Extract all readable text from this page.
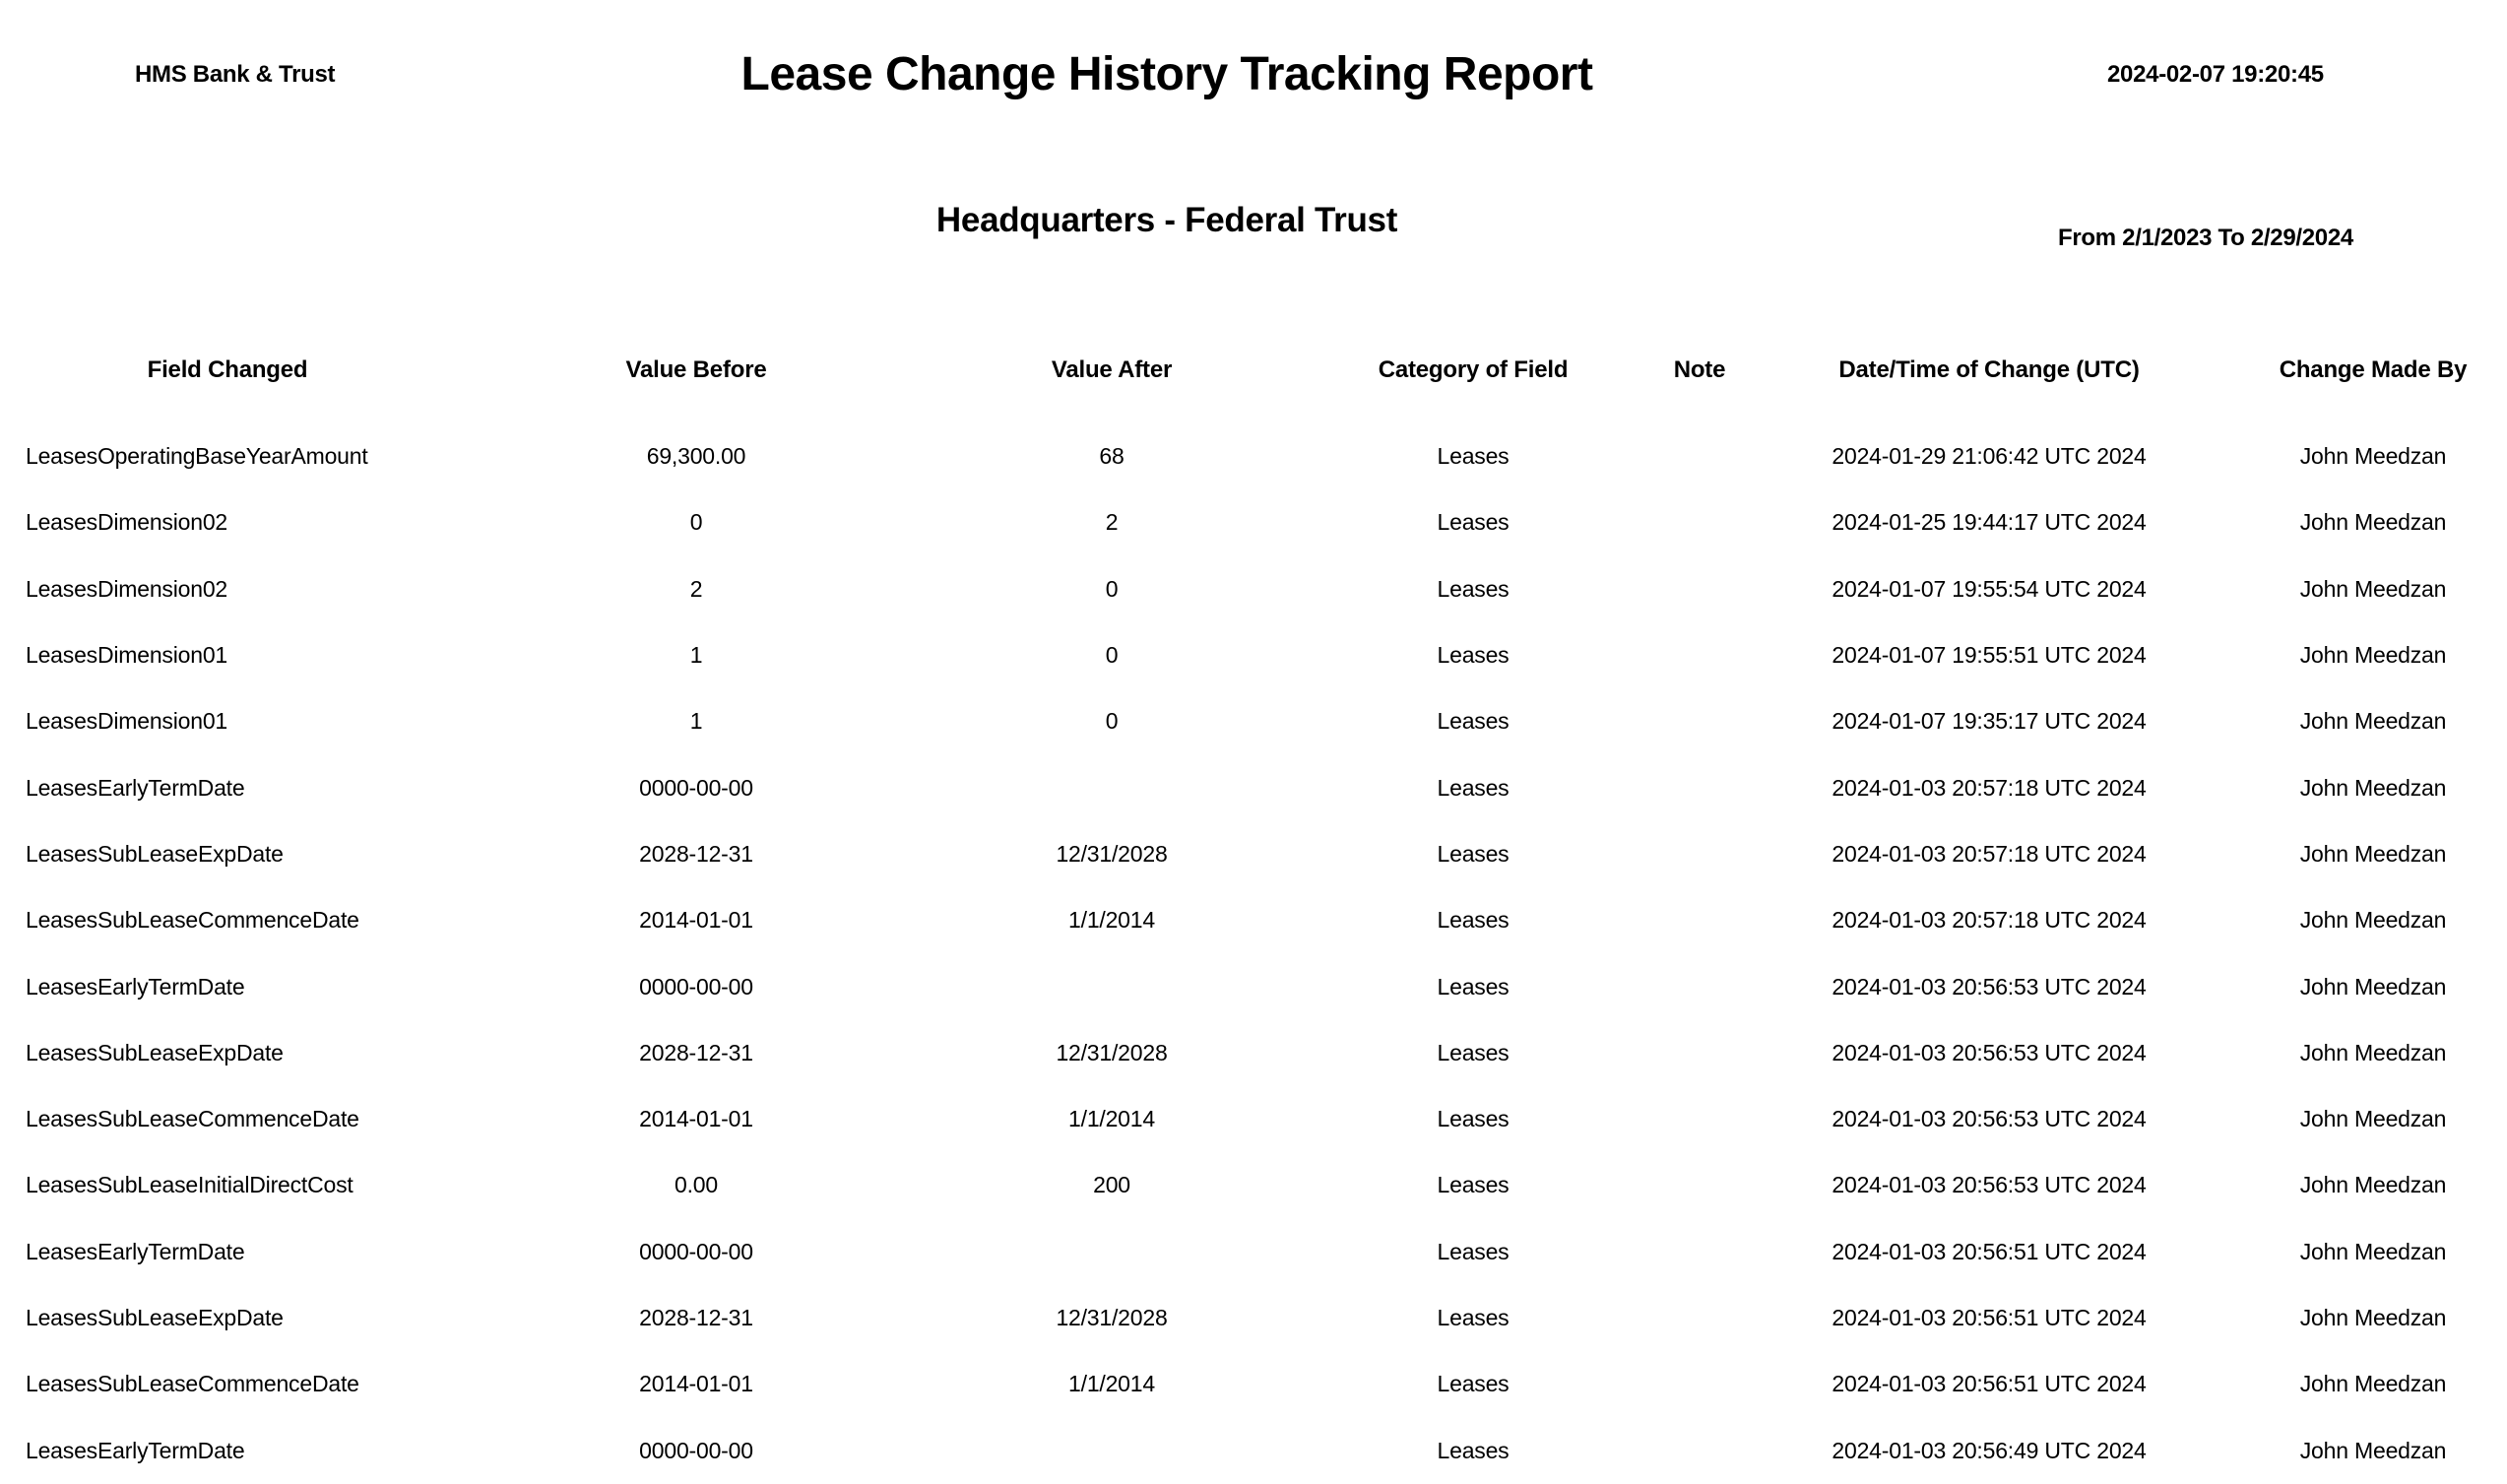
HMS Bank & Trust	Lease Change History Tracking Report	2024-02-07 19:20:45
Headquarters - Federal Trust	From 2/1/2023 To 2/29/2024
Field Changed	Value Before	Value After	Category of Field	Note	Date/Time of Change (UTC)	Change Made By
LeasesOperatingBaseYearAmount	69,300.00	68	Leases		2024-01-29 21:06:42 UTC 2024	John Meedzan
LeasesDimension02	0	2	Leases		2024-01-25 19:44:17 UTC 2024	John Meedzan
LeasesDimension02	2	0	Leases		2024-01-07 19:55:54 UTC 2024	John Meedzan
LeasesDimension01	1	0	Leases		2024-01-07 19:55:51 UTC 2024	John Meedzan
LeasesDimension01	1	0	Leases		2024-01-07 19:35:17 UTC 2024	John Meedzan
LeasesEarlyTermDate	0000-00-00		Leases		2024-01-03 20:57:18 UTC 2024	John Meedzan
LeasesSubLeaseExpDate	2028-12-31	12/31/2028	Leases		2024-01-03 20:57:18 UTC 2024	John Meedzan
LeasesSubLeaseCommenceDate	2014-01-01	1/1/2014	Leases		2024-01-03 20:57:18 UTC 2024	John Meedzan
LeasesEarlyTermDate	0000-00-00		Leases		2024-01-03 20:56:53 UTC 2024	John Meedzan
LeasesSubLeaseExpDate	2028-12-31	12/31/2028	Leases		2024-01-03 20:56:53 UTC 2024	John Meedzan
LeasesSubLeaseCommenceDate	2014-01-01	1/1/2014	Leases		2024-01-03 20:56:53 UTC 2024	John Meedzan
LeasesSubLeaseInitialDirectCost	0.00	200	Leases		2024-01-03 20:56:53 UTC 2024	John Meedzan
LeasesEarlyTermDate	0000-00-00		Leases		2024-01-03 20:56:51 UTC 2024	John Meedzan
LeasesSubLeaseExpDate	2028-12-31	12/31/2028	Leases		2024-01-03 20:56:51 UTC 2024	John Meedzan
LeasesSubLeaseCommenceDate	2014-01-01	1/1/2014	Leases		2024-01-03 20:56:51 UTC 2024	John Meedzan
LeasesEarlyTermDate	0000-00-00		Leases		2024-01-03 20:56:49 UTC 2024	John Meedzan
